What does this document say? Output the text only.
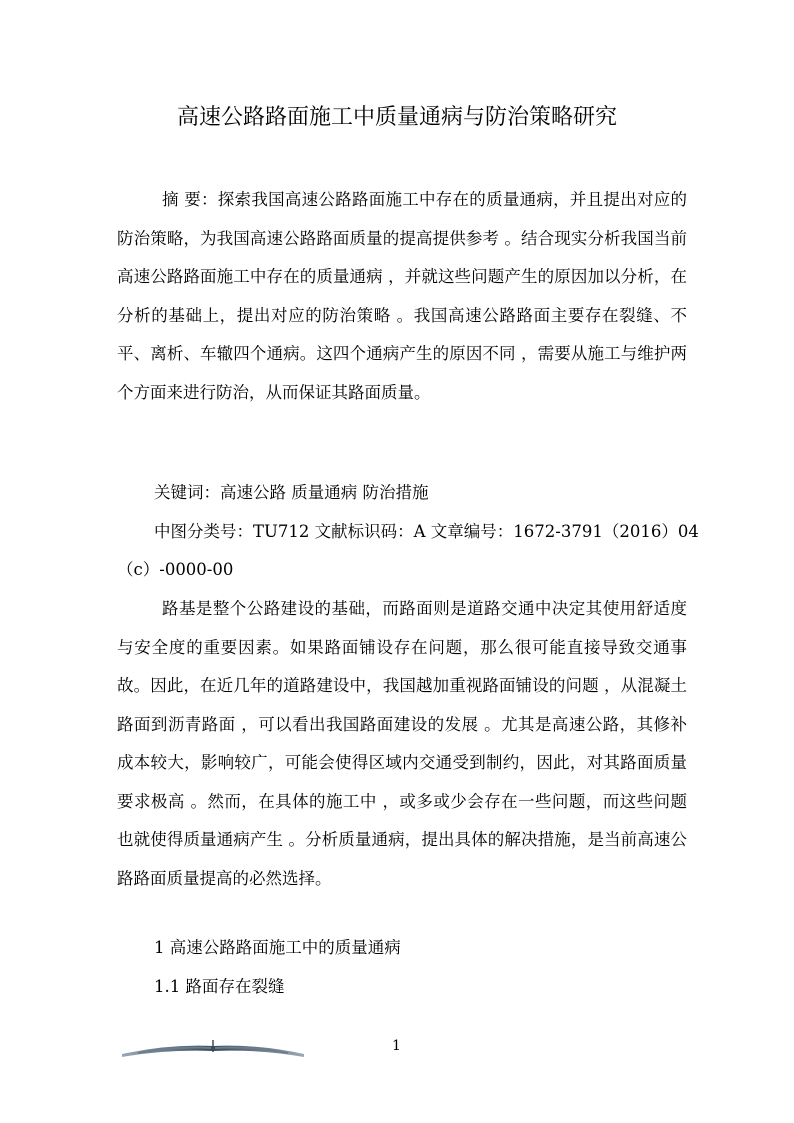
高速公路路面施工中质量通病与防治策略研究
摘 要：探索我国高速公路路面施工中存在的质量通病，并且提出对应的防治策略，为我国高速公路路面质量的提高提供参考 。结合现实分析我国当前高速公路路面施工中存在的质量通病 ，并就这些问题产生的原因加以分析，在分析的基础上，提出对应的防治策略 。我国高速公路路面主要存在裂缝、不平、离析、车辙四个通病。这四个通病产生的原因不同 ，需要从施工与维护两个方面来进行防治，从而保证其路面质量。
关键词：高速公路 质量通病 防治措施
中图分类号：TU712 文献标识码：A 文章编号：1672-3791（2016）04
（c）-0000-00
路基是整个公路建设的基础，而路面则是道路交通中决定其使用舒适度与安全度的重要因素。如果路面铺设存在问题，那么很可能直接导致交通事故。因此，在近几年的道路建设中，我国越加重视路面铺设的问题 ，从混凝土路面到沥青路面 ，可以看出我国路面建设的发展 。尤其是高速公路，其修补成本较大，影响较广，可能会使得区域内交通受到制约，因此，对其路面质量要求极高 。然而，在具体的施工中 ，或多或少会存在一些问题，而这些问题也就使得质量通病产生 。分析质量通病，提出具体的解决措施，是当前高速公路路面质量提高的必然选择。
1 高速公路路面施工中的质量通病
1.1 路面存在裂缝
1
